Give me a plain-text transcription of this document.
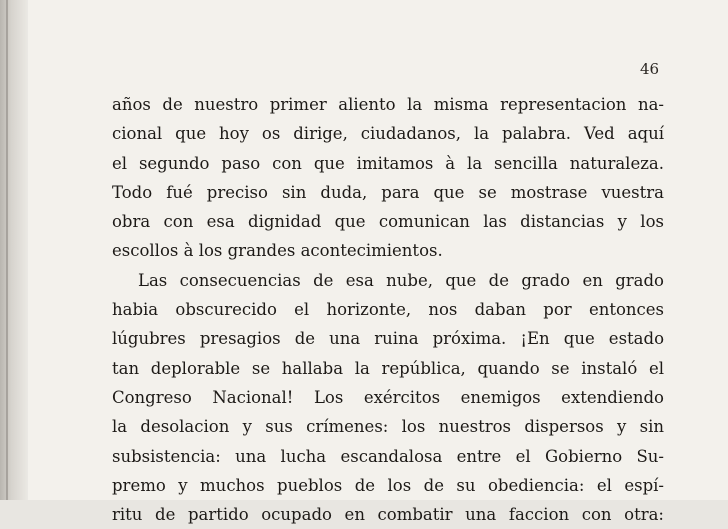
46
años de nuestro primer aliento la misma representacion na-
cional que hoy os dirige, ciudadanos, la palabra. Ved aquí
el segundo paso con que imitamos à la sencilla naturaleza.
Todo fué preciso sin duda, para que se mostrase vuestra
obra con esa dignidad que comunican las distancias y los
escollos à los grandes acontecimientos.
Las consecuencias de esa nube, que de grado en grado
habia obscurecido el horizonte, nos daban por entonces
lúgubres presagios de una ruina próxima. ¡En que estado
tan deplorable se hallaba la república, quando se instaló el
Congreso Nacional! Los exércitos enemigos extendiendo
la desolacion y sus crímenes: los nuestros dispersos y sin
subsistencia: una lucha escandalosa entre el Gobierno Su-
premo y muchos pueblos de los de su obediencia: el espí-
ritu de partido ocupado en combatir una faccion con otra:
